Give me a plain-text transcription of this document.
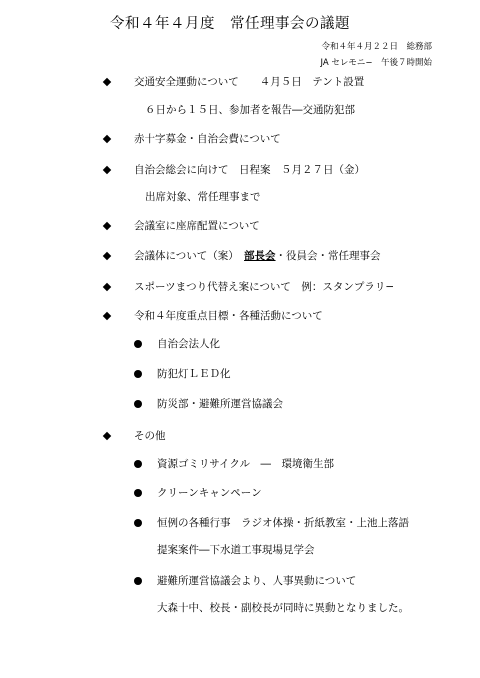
令和４年４月度　常任理事会の議題
令和４年４月２２日　総務部
JA セレモニ−　午後７時開始
交通安全運動について　　４月５日　テント設置
６日から１５日、参加者を報告―交通防犯部
赤十字募金・自治会費について
自治会総会に向けて　日程案　５月２７日（金）
出席対象、常任理事まで
会議室に座席配置について
会議体について（案）　部長会・役員会・常任理事会
スポーツまつり代替え案について　例：スタンプラリ−
令和４年度重点目標・各種活動について
自治会法人化
防犯灯ＬＥＤ化
防災部・避難所運営協議会
その他
資源ゴミリサイクル　―　環境衛生部
クリーンキャンペーン
恒例の各種行事　ラジオ体操・折紙教室・上池上落語
提案案件―下水道工事現場見学会
避難所運営協議会より、人事異動について
大森十中、校長・副校長が同時に異動となりました。
